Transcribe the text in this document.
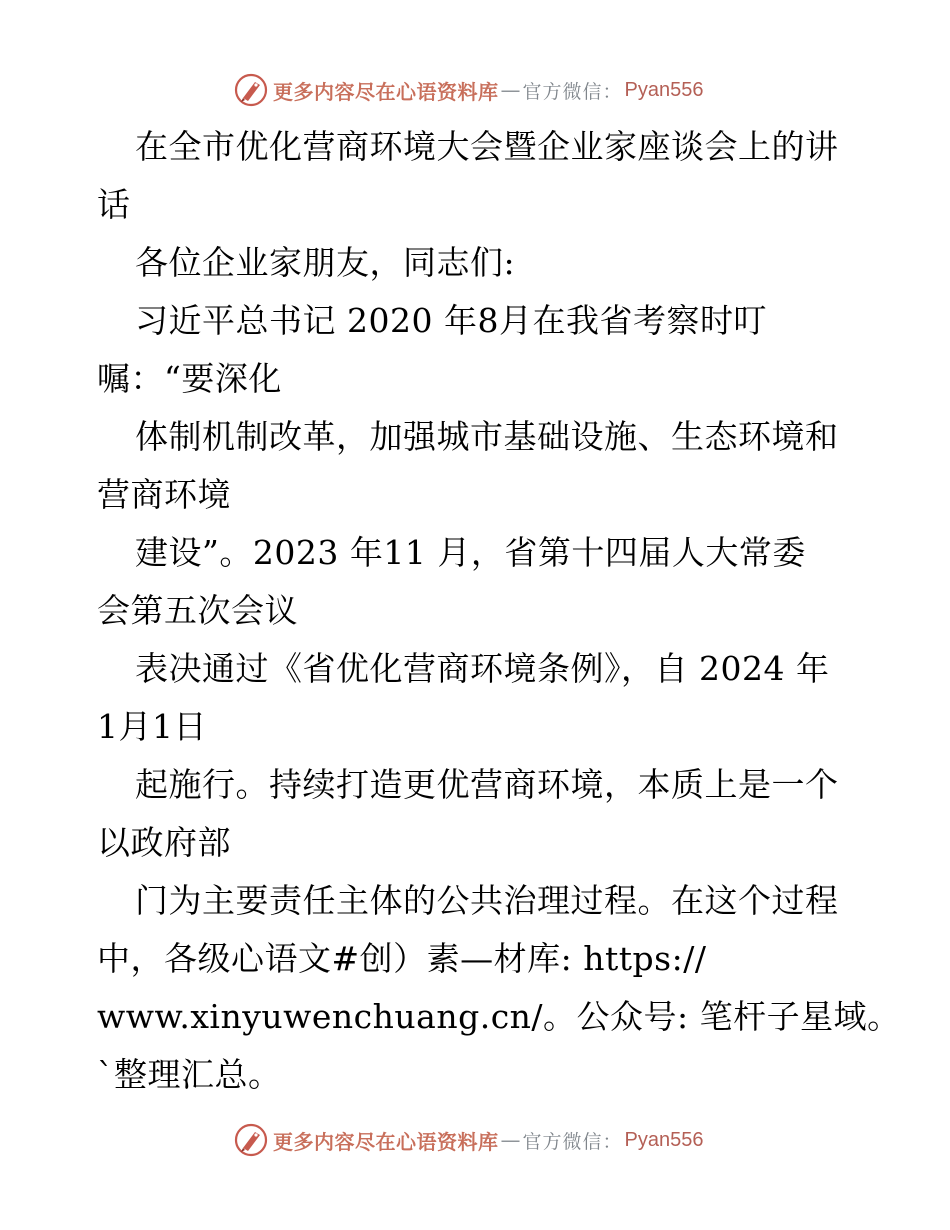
更多内容尽在心语资料库 — 官方微信： Pyan556
在全市优化营商环境大会暨企业家座谈会上的讲
话
各位企业家朋友，同志们:
习近平总书记 2020 年8月在我省考察时叮
嘱：“要深化
体制机制改革，加强城市基础设施、生态环境和
营商环境
建设”。2023 年11 月，省第十四届人大常委
会第五次会议
表决通过《省优化营商环境条例》，自 2024 年
1月1日
起施行。持续打造更优营商环境，本质上是一个
以政府部
门为主要责任主体的公共治理过程。在这个过程
中，各级心语文#创）素—材库: https://
www.xinyuwenchuang.cn/。公众号: 笔杆子星域。
`整理汇总。
更多内容尽在心语资料库 — 官方微信： Pyan556
